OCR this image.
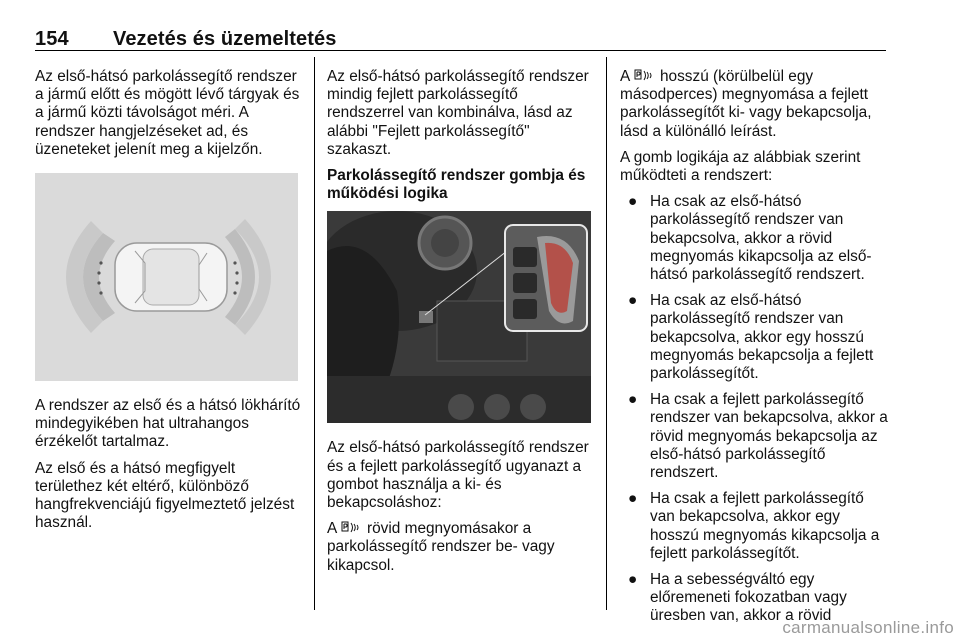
154 Vezetés és üzemeltetés

Az első-hátsó parkolássegítő rendszer a jármű előtt és mögött lévő tárgyak és a jármű közti távolságot méri. A rendszer hangjelzéseket ad, és üzeneteket jelenít meg a kijelzőn.

A rendszer az első és a hátsó lökhárító mindegyikében hat ultrahangos érzékelőt tartalmaz.

Az első és a hátsó megfigyelt területhez két eltérő, különböző hangfrekvenciájú figyelmeztető jelzést használ.

Az első-hátsó parkolássegítő rendszer mindig fejlett parkolássegítő rendszerrel van kombinálva, lásd az alábbi "Fejlett parkolássegítő" szakaszt.

Parkolássegítő rendszer gombja és működési logika

Az első-hátsó parkolássegítő rendszer és a fejlett parkolássegítő ugyanazt a gombot használja a ki- és bekapcsoláshoz:

A rövid megnyomásakor a parkolássegítő rendszer be- vagy kikapcsol.

A hosszú (körülbelül egy másodperces) megnyomása a fejlett parkolássegítőt ki- vagy bekapcsolja, lásd a különálló leírást.

A gomb logikája az alábbiak szerint működteti a rendszert:

● Ha csak az első-hátsó parkolássegítő rendszer van bekapcsolva, akkor a rövid megnyomás kikapcsolja az első-hátsó parkolássegítő rendszert.
● Ha csak az első-hátsó parkolássegítő rendszer van bekapcsolva, akkor egy hosszú megnyomás bekapcsolja a fejlett parkolássegítőt.
● Ha csak a fejlett parkolássegítő rendszer van bekapcsolva, akkor a rövid megnyomás bekapcsolja az első-hátsó parkolássegítő rendszert.
● Ha csak a fejlett parkolássegítő van bekapcsolva, akkor egy hosszú megnyomás kikapcsolja a fejlett parkolássegítőt.
● Ha a sebességváltó egy előremeneti fokozatban vagy üresben van, akkor a rövid
carmanualsonline.info
